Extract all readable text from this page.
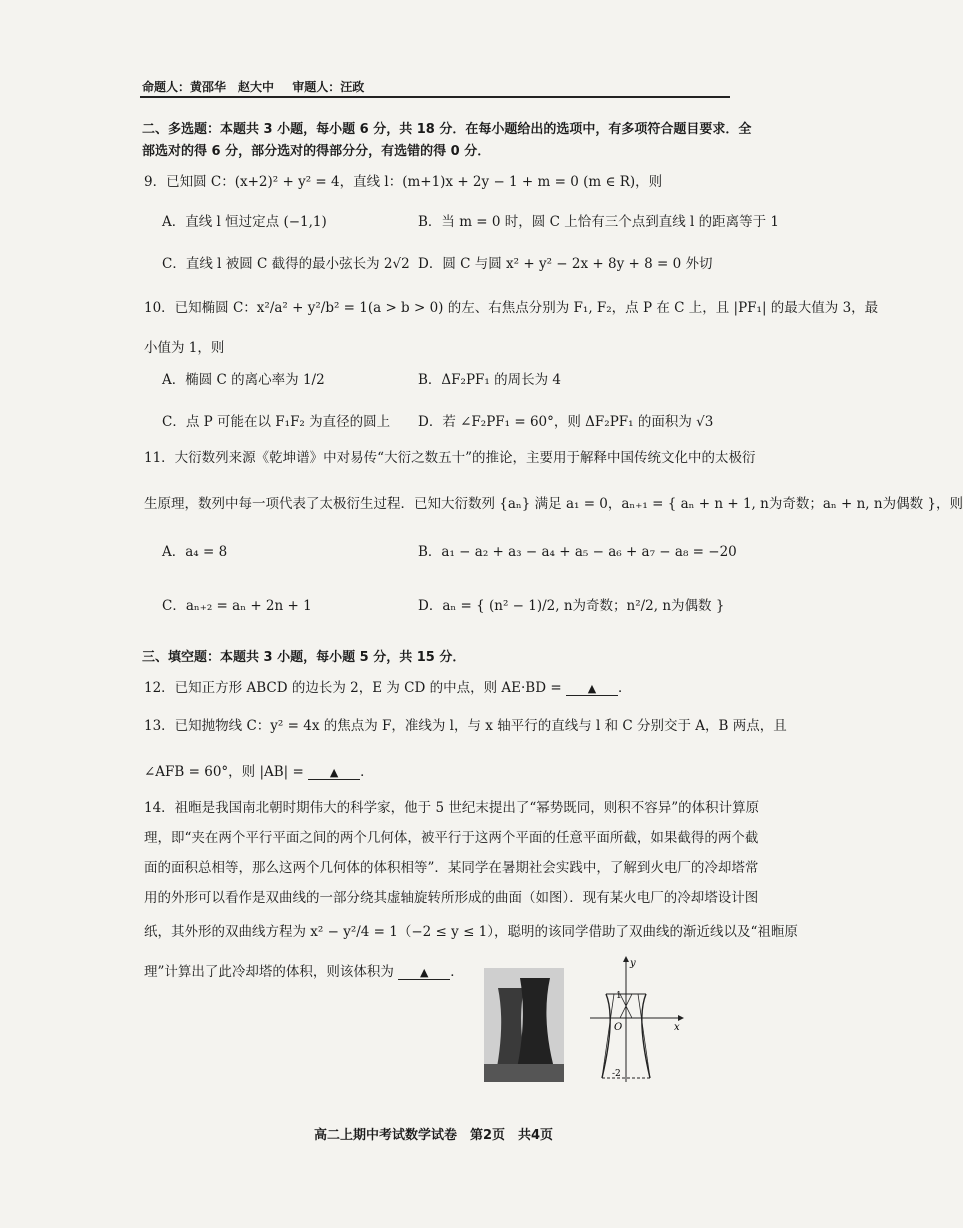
命题人：黄邵华　赵大中 审题人：汪政
二、多选题：本题共 3 小题，每小题 6 分，共 18 分．在每小题给出的选项中，有多项符合题目要求．全
部选对的得 6 分，部分选对的得部分分，有选错的得 0 分．
9．已知圆 C：(x+2)² + y² = 4，直线 l：(m+1)x + 2y − 1 + m = 0 (m ∈ R)，则
A．直线 l 恒过定点 (−1,1)	B．当 m = 0 时，圆 C 上恰有三个点到直线 l 的距离等于 1
C．直线 l 被圆 C 截得的最小弦长为 2√2 D．圆 C 与圆 x² + y² − 2x + 8y + 8 = 0 外切
10．已知椭圆 C：x²/a² + y²/b² = 1(a > b > 0) 的左、右焦点分别为 F₁, F₂，点 P 在 C 上，且 |PF₁| 的最大值为 3，最
小值为 1，则
A．椭圆 C 的离心率为 1/2	B．ΔF₂PF₁ 的周长为 4
C．点 P 可能在以 F₁F₂ 为直径的圆上 D．若 ∠F₂PF₁ = 60°，则 ΔF₂PF₁ 的面积为 √3
11．大衍数列来源《乾坤谱》中对易传“大衍之数五十”的推论，主要用于解释中国传统文化中的太极衍
生原理，数列中每一项代表了太极衍生过程．已知大衍数列 {aₙ} 满足 a₁ = 0，aₙ₊₁ = { aₙ + n + 1, n为奇数；aₙ + n, n为偶数 }，则
A．a₄ = 8	B．a₁ − a₂ + a₃ − a₄ + a₅ − a₆ + a₇ − a₈ = −20
C．aₙ₊₂ = aₙ + 2n + 1	D．aₙ = { (n² − 1)/2, n为奇数；n²/2, n为偶数 }
三、填空题：本题共 3 小题，每小题 5 分，共 15 分．
12．已知正方形 ABCD 的边长为 2，E 为 CD 的中点，则 AE·BD = ▲ ．
13．已知抛物线 C：y² = 4x 的焦点为 F，准线为 l，与 x 轴平行的直线与 l 和 C 分别交于 A，B 两点，且
∠AFB = 60°，则 |AB| = ▲ ．
14．祖暅是我国南北朝时期伟大的科学家，他于 5 世纪末提出了“幂势既同，则积不容异”的体积计算原
理，即“夹在两个平行平面之间的两个几何体，被平行于这两个平面的任意平面所截，如果截得的两个截
面的面积总相等，那么这两个几何体的体积相等”．某同学在暑期社会实践中，了解到火电厂的冷却塔常
用的外形可以看作是双曲线的一部分绕其虚轴旋转所形成的曲面（如图）．现有某火电厂的冷却塔设计图
纸，其外形的双曲线方程为 x² − y²/4 = 1（−2 ≤ y ≤ 1），聪明的该同学借助了双曲线的渐近线以及“祖暅原
理”计算出了此冷却塔的体积，则该体积为 ▲ ．
y
x
O
1
-2
高二上期中考试数学试卷　第2页　共4页
